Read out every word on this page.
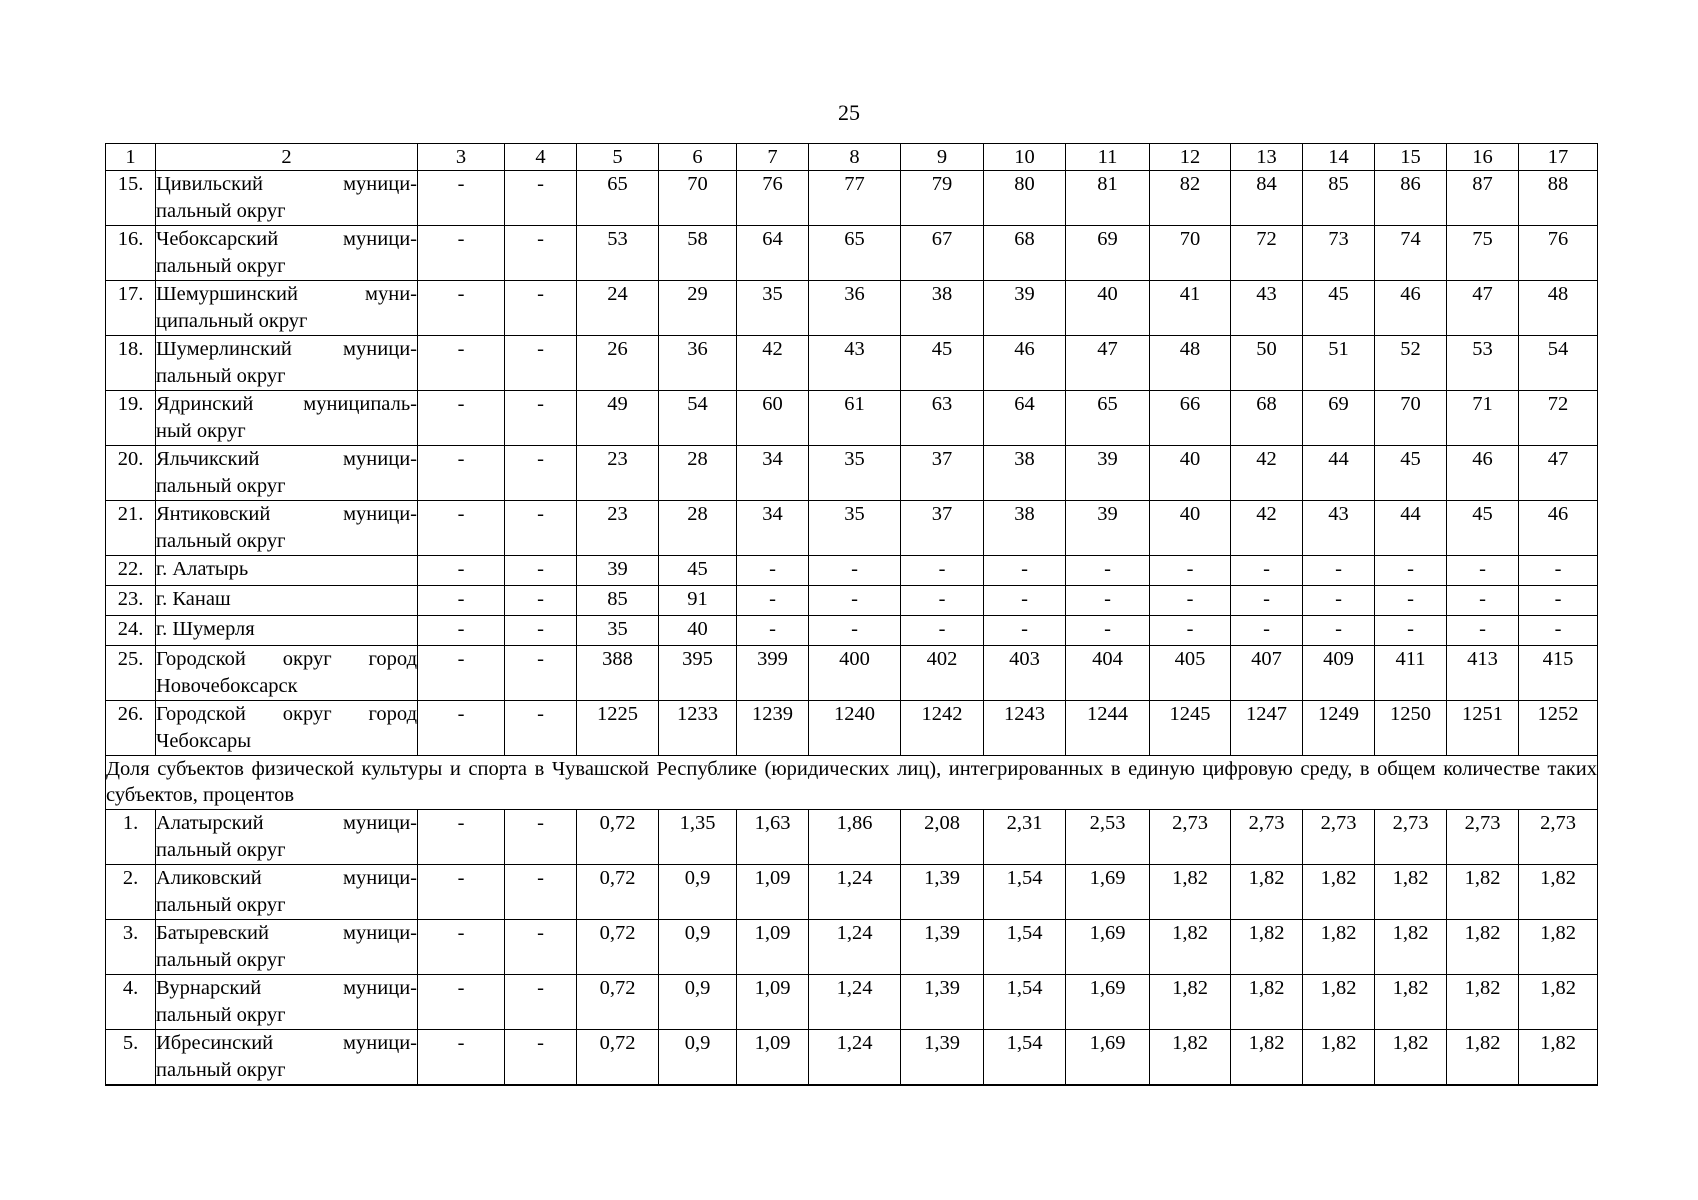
25
1	2	3	4	5	6	7	8	9	10	11	12	13	14	15	16	17
15.	Цивильский муници-
пальный округ	-	-	65	70	76	77	79	80	81	82	84	85	86	87	88
16.	Чебоксарский муници-
пальный округ	-	-	53	58	64	65	67	68	69	70	72	73	74	75	76
17.	Шемуршинский муни-
ципальный округ	-	-	24	29	35	36	38	39	40	41	43	45	46	47	48
18.	Шумерлинский муници-
пальный округ	-	-	26	36	42	43	45	46	47	48	50	51	52	53	54
19.	Ядринский муниципаль-
ный округ	-	-	49	54	60	61	63	64	65	66	68	69	70	71	72
20.	Яльчикский муници-
пальный округ	-	-	23	28	34	35	37	38	39	40	42	44	45	46	47
21.	Янтиковский муници-
пальный округ	-	-	23	28	34	35	37	38	39	40	42	43	44	45	46
22.	г. Алатырь	-	-	39	45	-	-	-	-	-	-	-	-	-	-	-
23.	г. Канаш	-	-	85	91	-	-	-	-	-	-	-	-	-	-	-
24.	г. Шумерля	-	-	35	40	-	-	-	-	-	-	-	-	-	-	-
25.	Городской округ город
Новочебоксарск	-	-	388	395	399	400	402	403	404	405	407	409	411	413	415
26.	Городской округ город
Чебоксары	-	-	1225	1233	1239	1240	1242	1243	1244	1245	1247	1249	1250	1251	1252
Доля субъектов физической культуры и спорта в Чувашской Республике (юридических лиц), интегрированных в единую цифровую среду, в общем количестве таких субъектов, процентов																
1.	Алатырский муници-
пальный округ	-	-	0,72	1,35	1,63	1,86	2,08	2,31	2,53	2,73	2,73	2,73	2,73	2,73	2,73
2.	Аликовский муници-
пальный округ	-	-	0,72	0,9	1,09	1,24	1,39	1,54	1,69	1,82	1,82	1,82	1,82	1,82	1,82
3.	Батыревский муници-
пальный округ	-	-	0,72	0,9	1,09	1,24	1,39	1,54	1,69	1,82	1,82	1,82	1,82	1,82	1,82
4.	Вурнарский муници-
пальный округ	-	-	0,72	0,9	1,09	1,24	1,39	1,54	1,69	1,82	1,82	1,82	1,82	1,82	1,82
5.	Ибресинский муници-
пальный округ	-	-	0,72	0,9	1,09	1,24	1,39	1,54	1,69	1,82	1,82	1,82	1,82	1,82	1,82
